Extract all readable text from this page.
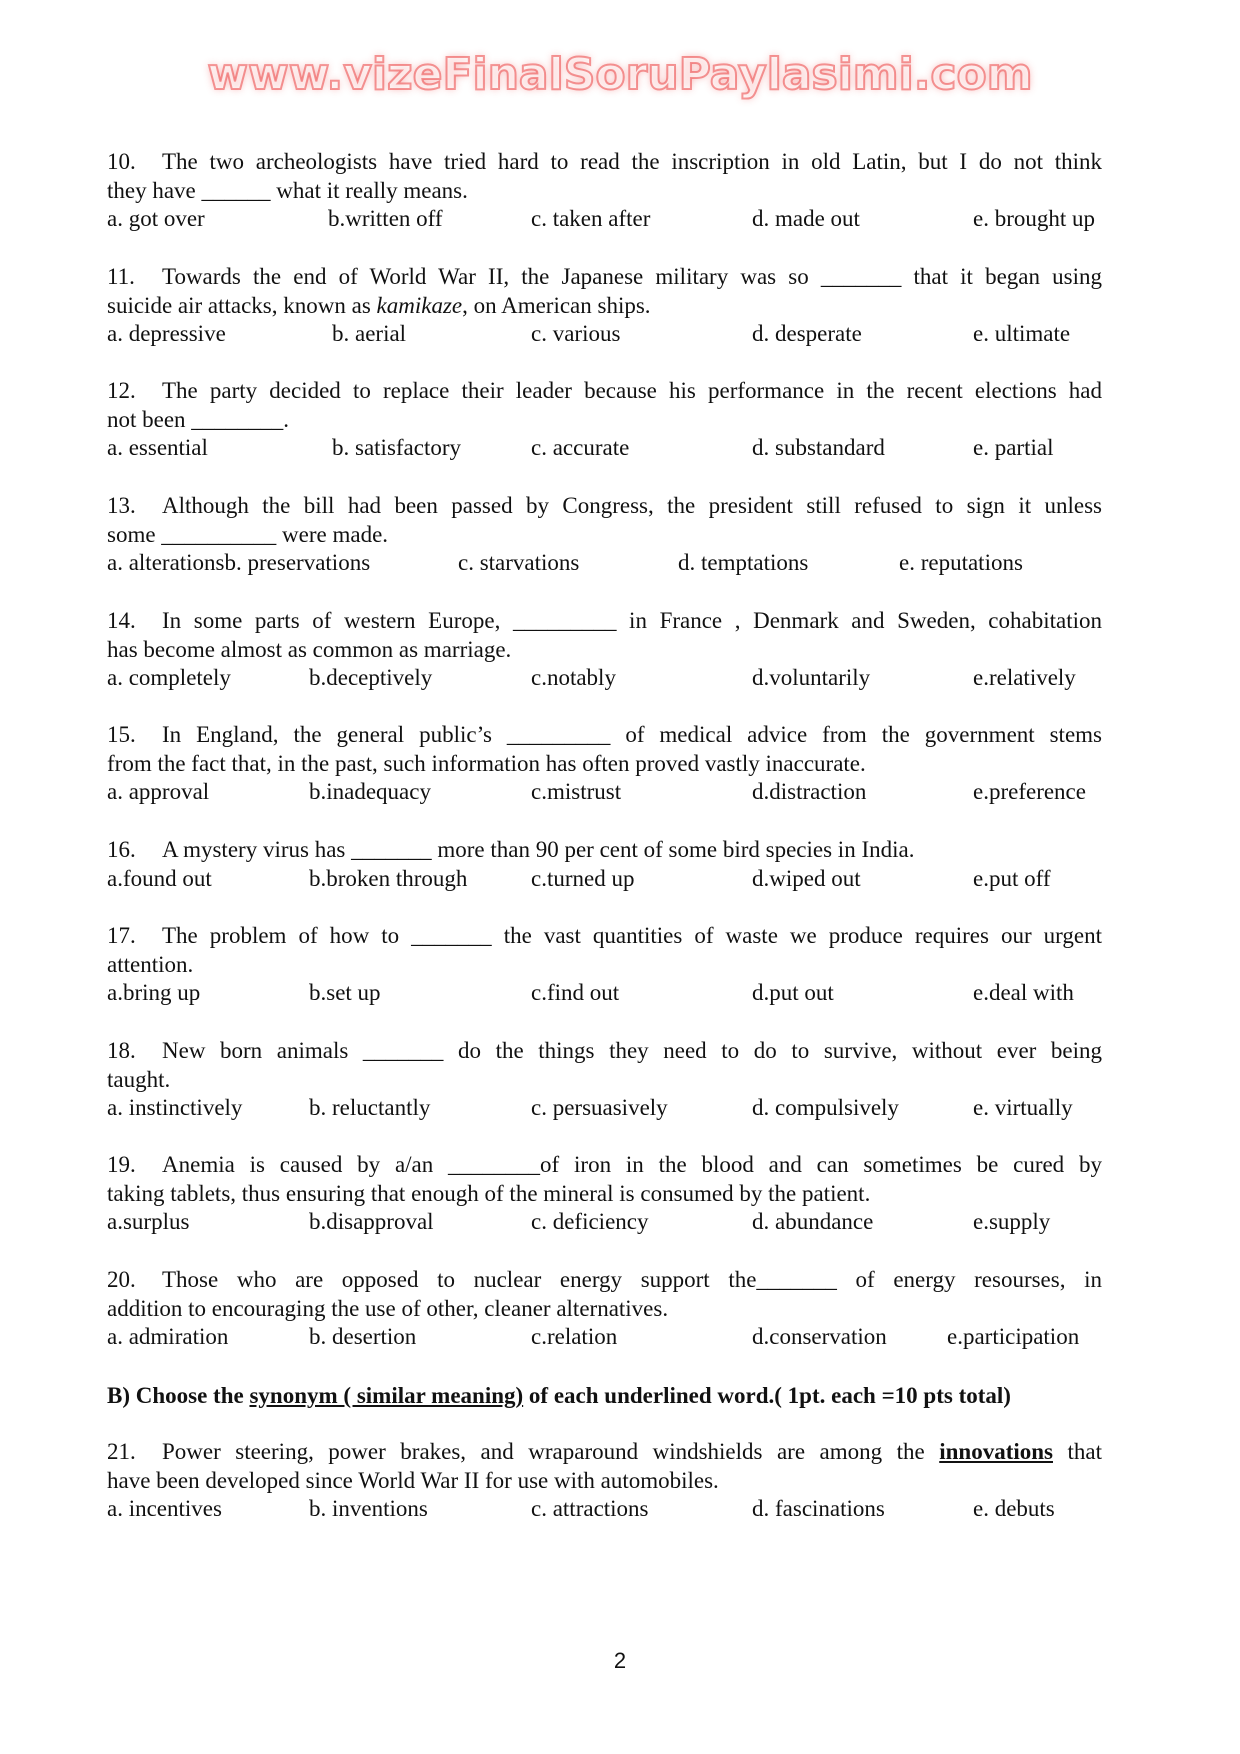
www.vizeFinalSoruPaylasimi.com
10. The two archeologists have tried hard to read the inscription in old Latin, but I do not think
they have ______ what it really means.
a. got over	b.written off	c. taken after	d. made out	e. brought up
11. Towards the end of World War II, the Japanese military was so _______ that it began using
suicide air attacks, known as kamikaze, on American ships.
a. depressive	b. aerial	c. various	d. desperate	e. ultimate
12. The party decided to replace their leader because his performance in the recent elections had
not been ________.
a. essential	b. satisfactory	c. accurate	d. substandard	e. partial
13. Although the bill had been passed by Congress, the president still refused to sign it unless
some __________ were made.
a. alterationsb. preservations	c. starvations	d. temptations	e. reputations
14. In some parts of western Europe, _________ in France , Denmark and Sweden, cohabitation
has become almost as common as marriage.
a. completely	b.deceptively	c.notably	d.voluntarily	e.relatively
15. In England, the general public’s _________ of medical advice from the government stems
from the fact that, in the past, such information has often proved vastly inaccurate.
a. approval	b.inadequacy	c.mistrust	d.distraction	e.preference
16. A mystery virus has _______ more than 90 per cent of some bird species in India.
a.found out	b.broken through	c.turned up	d.wiped out	e.put off
17. The problem of how to _______ the vast quantities of waste we produce requires our urgent
attention.
a.bring up	b.set up	c.find out	d.put out	e.deal with
18. New born animals _______ do the things they need to do to survive, without ever being
taught.
a. instinctively	b. reluctantly	c. persuasively	d. compulsively	e. virtually
19. Anemia is caused by a/an ________of iron in the blood and can sometimes be cured by
taking tablets, thus ensuring that enough of the mineral is consumed by the patient.
a.surplus	b.disapproval	c. deficiency	d. abundance	e.supply
20. Those who are opposed to nuclear energy support the_______ of energy resourses, in
addition to encouraging the use of other, cleaner alternatives.
a. admiration	b. desertion	c.relation	d.conservation	e.participation
B) Choose the synonym ( similar meaning) of each underlined word.( 1pt. each =10 pts total)
21. Power steering, power brakes, and wraparound windshields are among the innovations that
have been developed since World War II for use with automobiles.
a. incentives	b. inventions	c. attractions	d. fascinations	e. debuts
2
